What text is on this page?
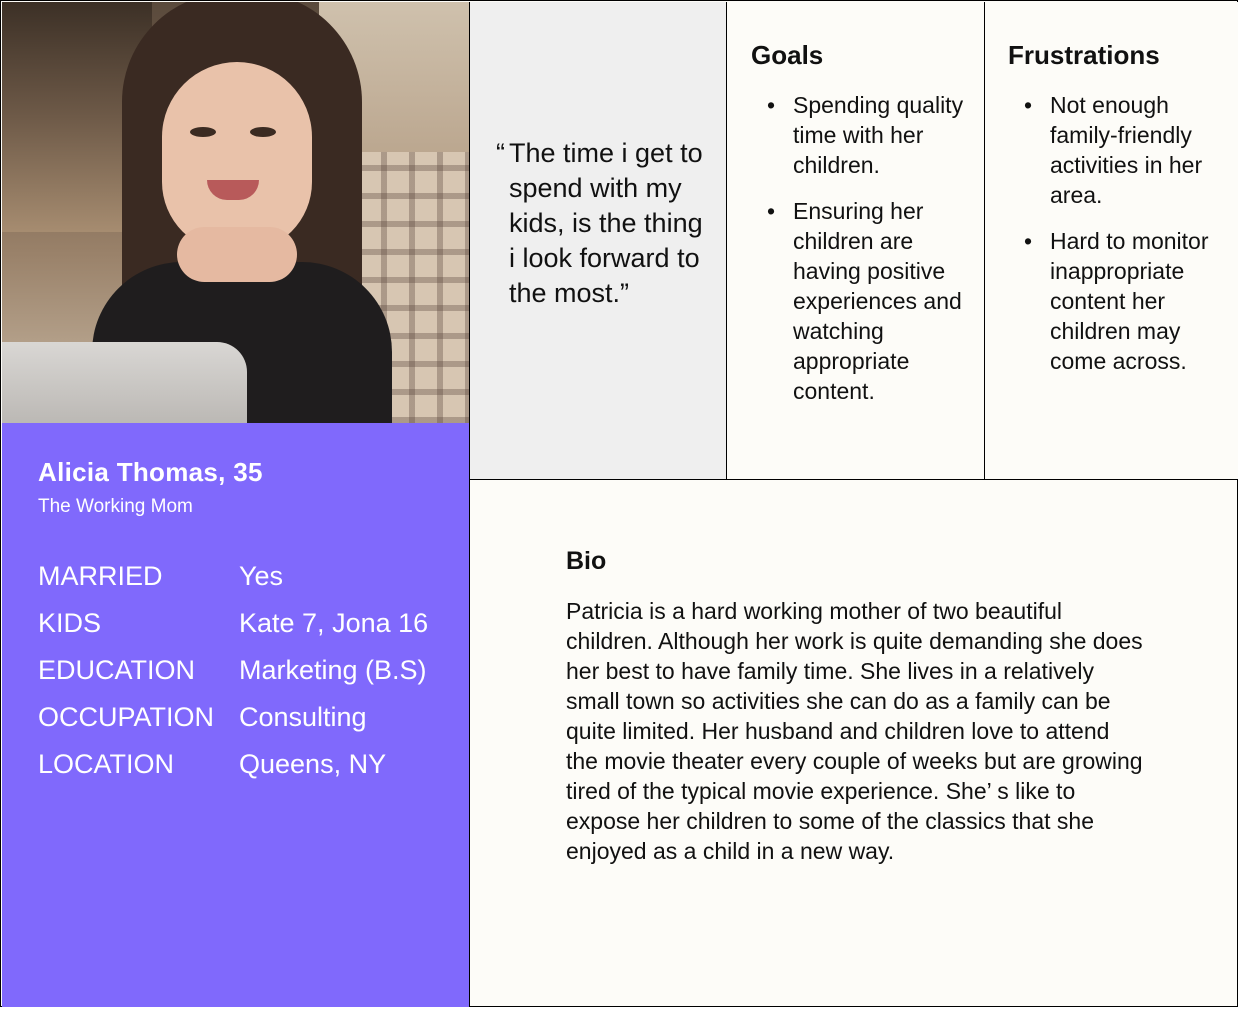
Alicia Thomas, 35
The Working Mom
MARRIED	Yes
KIDS	Kate 7, Jona 16
EDUCATION Marketing (B.S)
OCCUPATION Consulting
LOCATION Queens, NY
“ The time i get to spend with my kids, is the thing i look forward to the most.”
Goals
• Spending quality time with her children.
• Ensuring her children are having positive experiences and watching appropriate content.
Frustrations
• Not enough family-friendly activities in her area.
• Hard to monitor inappropriate content her children may come across.
Bio
Patricia is a hard working mother of two beautiful children. Although her work is quite demanding she does her best to have family time. She lives in a relatively small town so activities she can do as a family can be quite limited. Her husband and children love to attend the movie theater every couple of weeks but are growing tired of the typical movie experience. She’ s like to expose her children to some of the classics that she enjoyed as a child in a new way.
